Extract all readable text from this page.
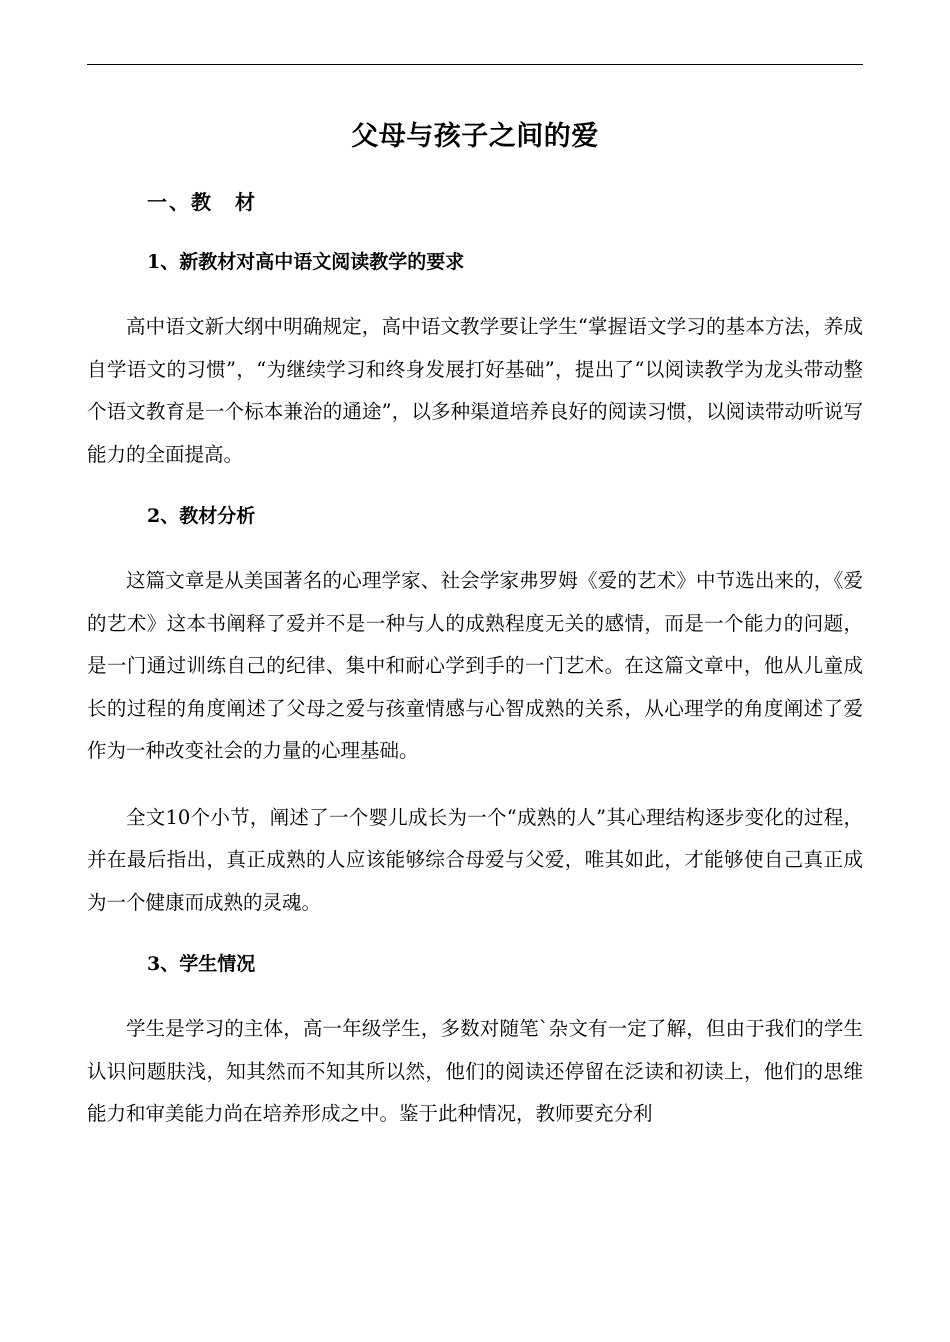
父母与孩子之间的爱
一、教　材
1、新教材对高中语文阅读教学的要求

高中语文新大纲中明确规定，高中语文教学要让学生“掌握语文学习的基本方法，养成自学语文的习惯”，“为继续学习和终身发展打好基础”，提出了“以阅读教学为龙头带动整个语文教育是一个标本兼治的通途”，以多种渠道培养良好的阅读习惯，以阅读带动听说写能力的全面提高。

2、教材分析

这篇文章是从美国著名的心理学家、社会学家弗罗姆《爱的艺术》中节选出来的，《爱的艺术》这本书阐释了爱并不是一种与人的成熟程度无关的感情，而是一个能力的问题，是一门通过训练自己的纪律、集中和耐心学到手的一门艺术。在这篇文章中，他从儿童成长的过程的角度阐述了父母之爱与孩童情感与心智成熟的关系，从心理学的角度阐述了爱作为一种改变社会的力量的心理基础。

全文10个小节，阐述了一个婴儿成长为一个“成熟的人”其心理结构逐步变化的过程，并在最后指出，真正成熟的人应该能够综合母爱与父爱，唯其如此，才能够使自己真正成为一个健康而成熟的灵魂。

3、学生情况

学生是学习的主体，高一年级学生，多数对随笔`杂文有一定了解，但由于我们的学生认识问题肤浅，知其然而不知其所以然，他们的阅读还停留在泛读和初读上，他们的思维能力和审美能力尚在培养形成之中。鉴于此种情况，教师要充分利
